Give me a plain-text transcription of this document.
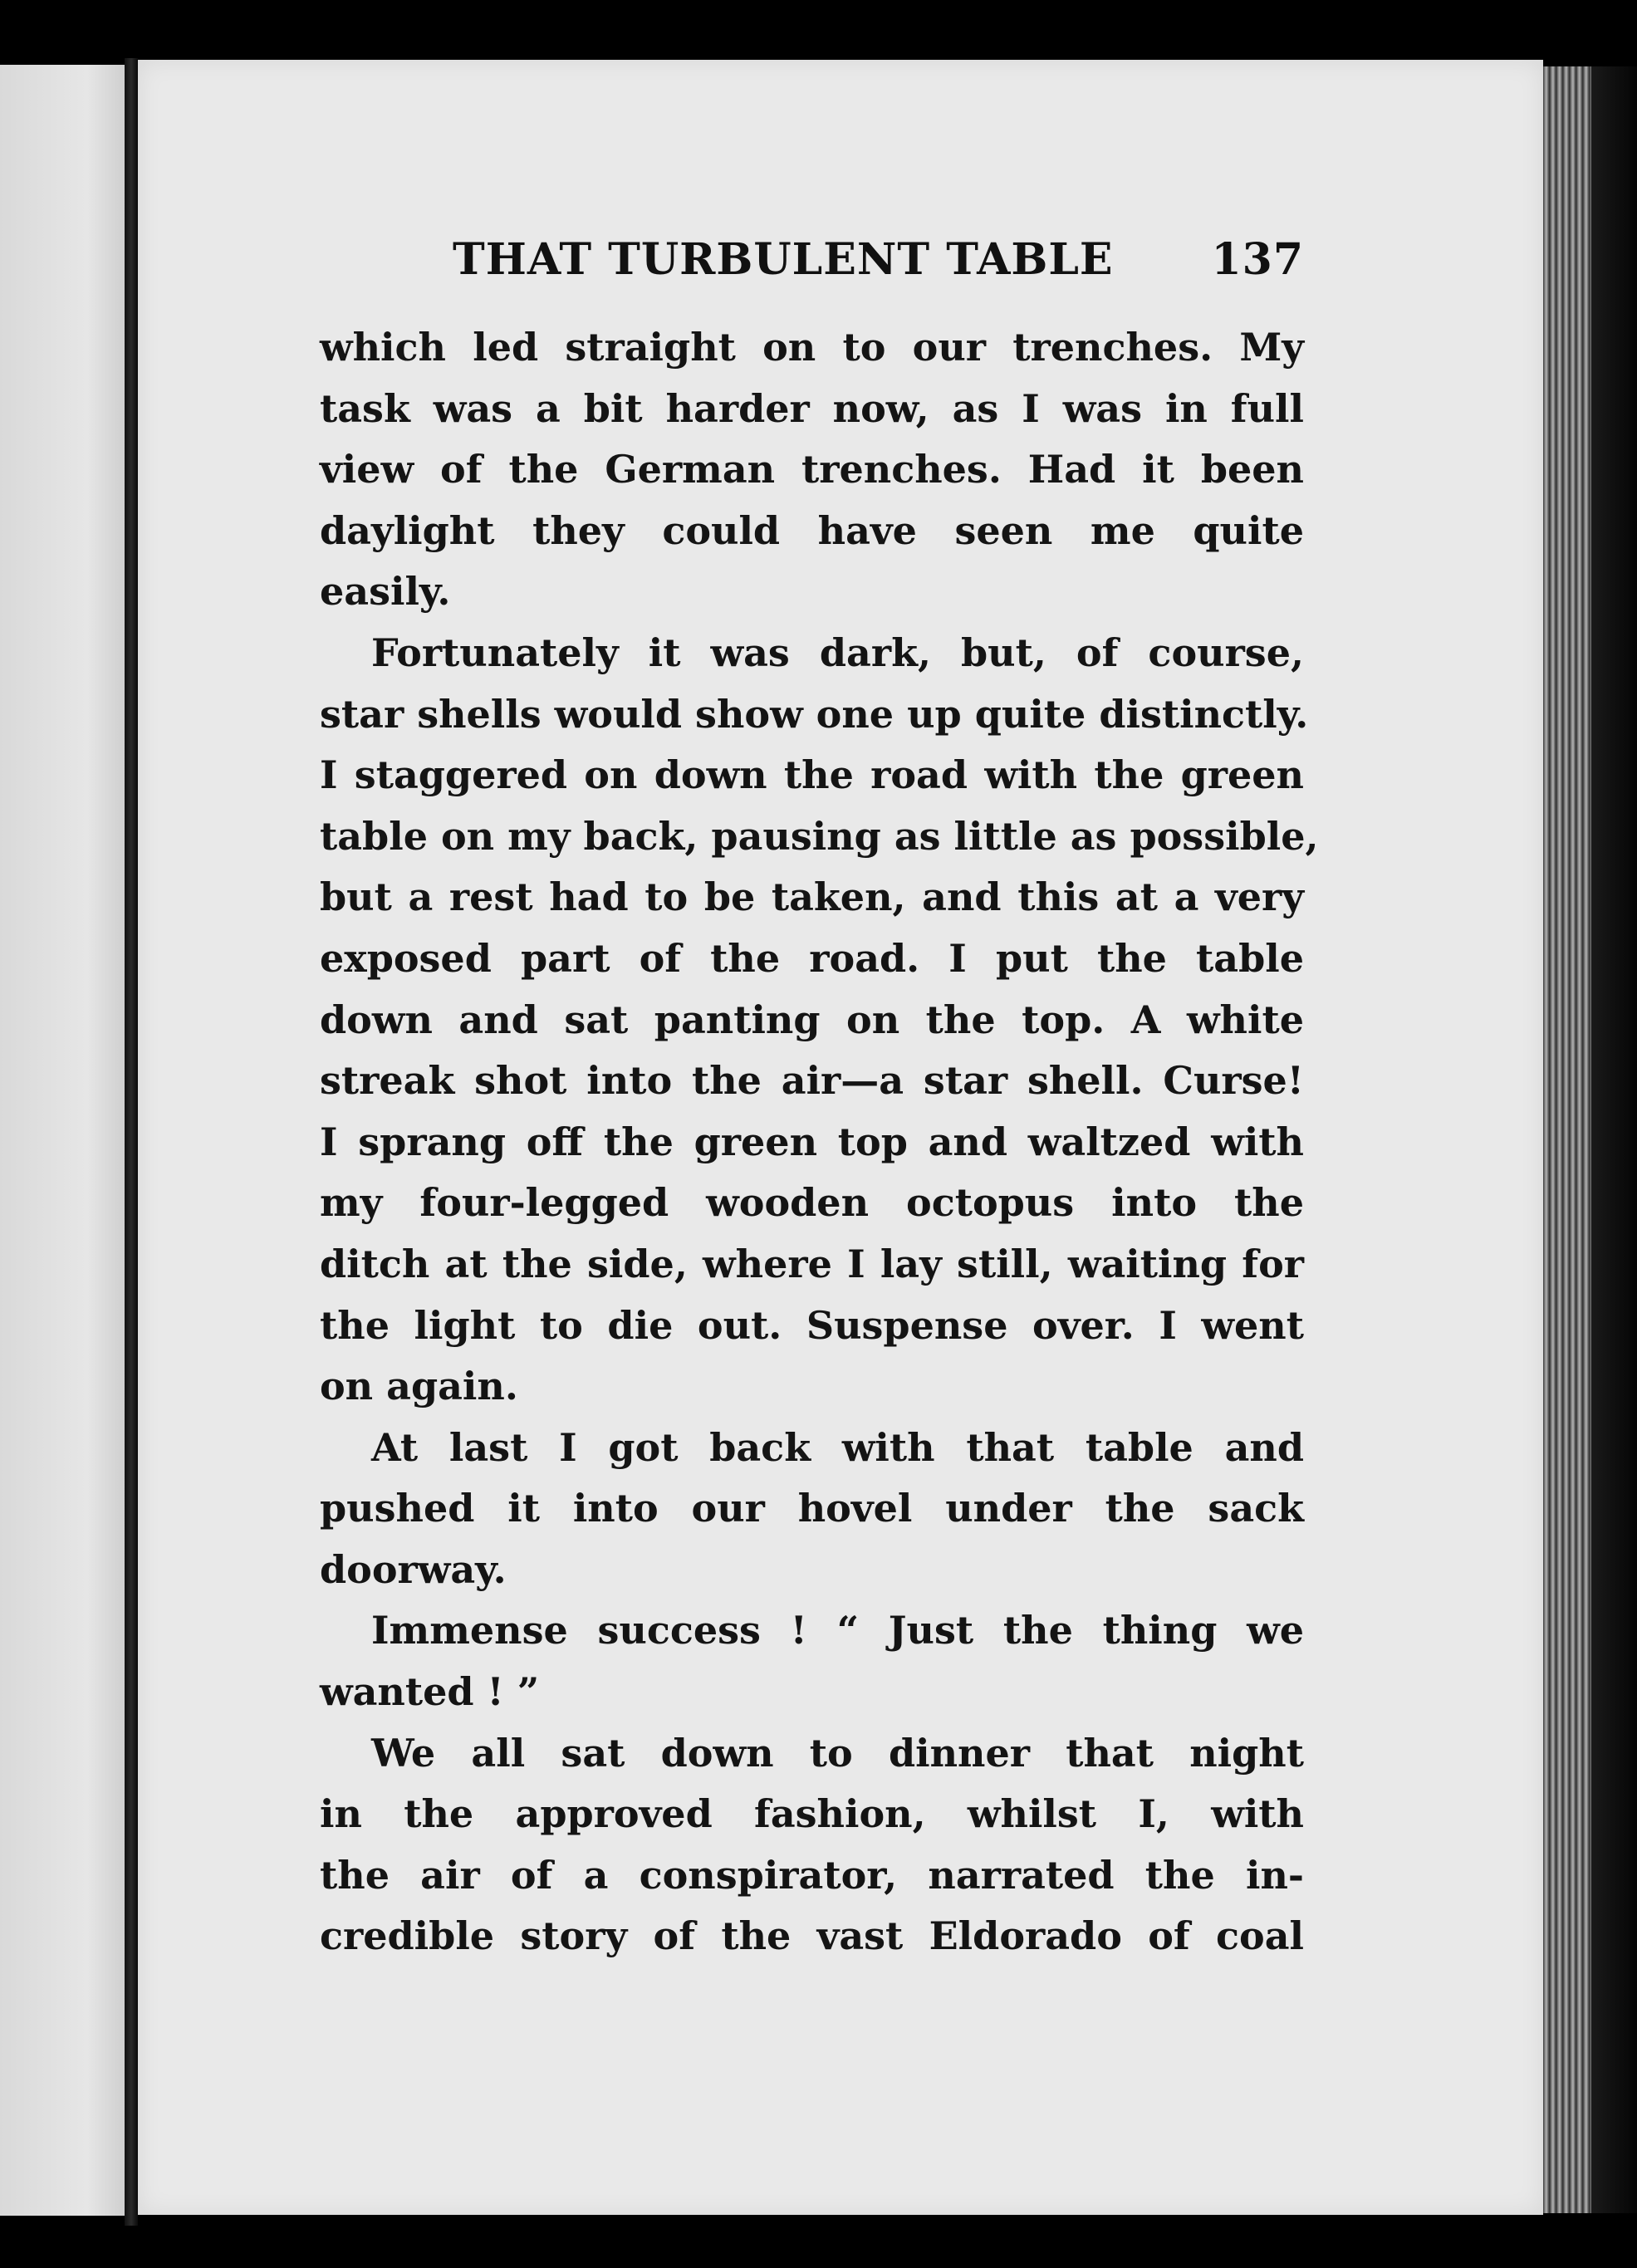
THAT TURBULENT TABLE 137
which led straight on to our trenches. My
task was a bit harder now, as I was in full
view of the German trenches. Had it been
daylight they could have seen me quite
easily.
Fortunately it was dark, but, of course,
star shells would show one up quite distinctly.
I staggered on down the road with the green
table on my back, pausing as little as possible,
but a rest had to be taken, and this at a very
exposed part of the road. I put the table
down and sat panting on the top. A white
streak shot into the air—a star shell. Curse!
I sprang off the green top and waltzed with
my four-legged wooden octopus into the
ditch at the side, where I lay still, waiting for
the light to die out. Suspense over. I went
on again.
At last I got back with that table and
pushed it into our hovel under the sack
doorway.
Immense success ! “ Just the thing we
wanted ! ”
We all sat down to dinner that night
in the approved fashion, whilst I, with
the air of a conspirator, narrated the in-
credible story of the vast Eldorado of coal
